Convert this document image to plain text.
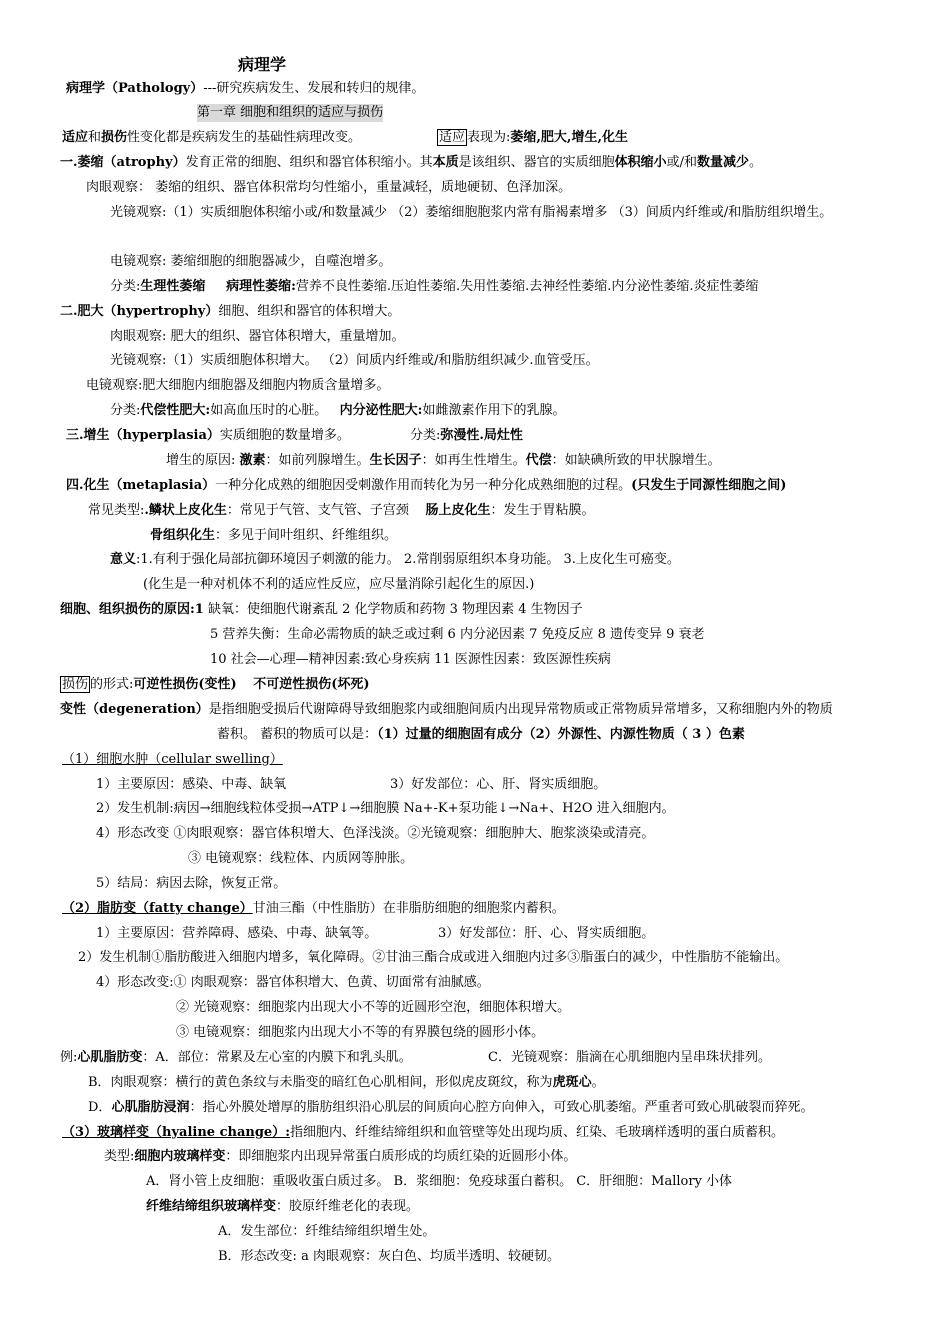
病理学
病理学（Pathology）---研究疾病发生、发展和转归的规律。
第一章 细胞和组织的适应与损伤
适应和损伤性变化都是疾病发生的基础性病理改变。	适应 表现为:萎缩,肥大,增生,化生
一.萎缩（atrophy）发育正常的细胞、组织和器官体积缩小。其本质是该组织、器官的实质细胞体积缩小或/和数量减少。
肉眼观察： 萎缩的组织、器官体积常均匀性缩小，重量减轻，质地硬韧、色泽加深。
光镜观察:（1）实质细胞体积缩小或/和数量减少 （2）萎缩细胞胞浆内常有脂褐素增多 （3）间质内纤维或/和脂肪组织增生。
电镜观察: 萎缩细胞的细胞器减少，自噬泡增多。
分类:生理性萎缩 病理性萎缩:营养不良性萎缩.压迫性萎缩.失用性萎缩.去神经性萎缩.内分泌性萎缩.炎症性萎缩
二.肥大（hypertrophy）细胞、组织和器官的体积增大。
肉眼观察: 肥大的组织、器官体积增大，重量增加。
光镜观察:（1）实质细胞体积增大。 （2）间质内纤维或/和脂肪组织减少.血管受压。
电镜观察:肥大细胞内细胞器及细胞内物质含量增多。
分类:代偿性肥大:如高血压时的心脏。 内分泌性肥大:如雌激素作用下的乳腺。
三.增生（hyperplasia）实质细胞的数量增多。	分类:弥漫性.局灶性
增生的原因: 激素：如前列腺增生。生长因子：如再生性增生。代偿：如缺碘所致的甲状腺增生。
四.化生（metaplasia）一种分化成熟的细胞因受刺激作用而转化为另一种分化成熟细胞的过程。(只发生于同源性细胞之间)
常见类型:.鳞状上皮化生：常见于气管、支气管、子宫颈 肠上皮化生：发生于胃粘膜。
骨组织化生：多见于间叶组织、纤维组织。
意义:1.有利于强化局部抗御环境因子刺激的能力。 2.常削弱原组织本身功能。 3.上皮化生可癌变。
(化生是一种对机体不利的适应性反应，应尽量消除引起化生的原因.)
细胞、组织损伤的原因:1 缺氧：使细胞代谢紊乱 2 化学物质和药物 3 物理因素 4 生物因子
5 营养失衡：生命必需物质的缺乏或过剩 6 内分泌因素 7 免疫反应 8 遗传变异 9 衰老
10 社会—心理—精神因素:致心身疾病 11 医源性因素：致医源性疾病
损伤 的形式:可逆性损伤(变性) 不可逆性损伤(坏死)
变性（degeneration）是指细胞受损后代谢障碍导致细胞浆内或细胞间质内出现异常物质或正常物质异常增多，又称细胞内外的物质
蓄积。 蓄积的物质可以是：（1）过量的细胞固有成分（2）外源性、内源性物质（ 3 ）色素
（1）细胞水肿（cellular swelling）
1）主要原因：感染、中毒、缺氧	3）好发部位：心、肝、肾实质细胞。
2）发生机制:病因→细胞线粒体受损→ATP↓→细胞膜 Na+-K+泵功能↓→Na+、H2O 进入细胞内。
4）形态改变 ①肉眼观察：器官体积增大、色泽浅淡。②光镜观察：细胞肿大、胞浆淡染或清亮。
③ 电镜观察：线粒体、内质网等肿胀。
5）结局：病因去除，恢复正常。
（2）脂肪变（fatty change）甘油三酯（中性脂肪）在非脂肪细胞的细胞浆内蓄积。
1）主要原因：营养障碍、感染、中毒、缺氧等。	3）好发部位：肝、心、肾实质细胞。
2）发生机制①脂肪酸进入细胞内增多，氧化障碍。②甘油三酯合成或进入细胞内过多③脂蛋白的减少，中性脂肪不能输出。
4）形态改变:① 肉眼观察：器官体积增大、色黄、切面常有油腻感。
② 光镜观察：细胞浆内出现大小不等的近圆形空泡，细胞体积增大。
③ 电镜观察：细胞浆内出现大小不等的有界膜包绕的圆形小体。
例:心肌脂肪变：A．部位：常累及左心室的内膜下和乳头肌。	C．光镜观察：脂滴在心肌细胞内呈串珠状排列。
B．肉眼观察：横行的黄色条纹与未脂变的暗红色心肌相间，形似虎皮斑纹，称为虎斑心。
D．心肌脂肪浸润：指心外膜处增厚的脂肪组织沿心肌层的间质向心腔方向伸入，可致心肌萎缩。严重者可致心肌破裂而猝死。
（3）玻璃样变（hyaline change）:指细胞内、纤维结缔组织和血管壁等处出现均质、红染、毛玻璃样透明的蛋白质蓄积。
类型:细胞内玻璃样变：即细胞浆内出现异常蛋白质形成的均质红染的近圆形小体。
A．肾小管上皮细胞：重吸收蛋白质过多。 B．浆细胞：免疫球蛋白蓄积。 C．肝细胞：Mallory 小体
纤维结缔组织玻璃样变：胶原纤维老化的表现。
A．发生部位：纤维结缔组织增生处。
B．形态改变: a 肉眼观察：灰白色、均质半透明、较硬韧。
